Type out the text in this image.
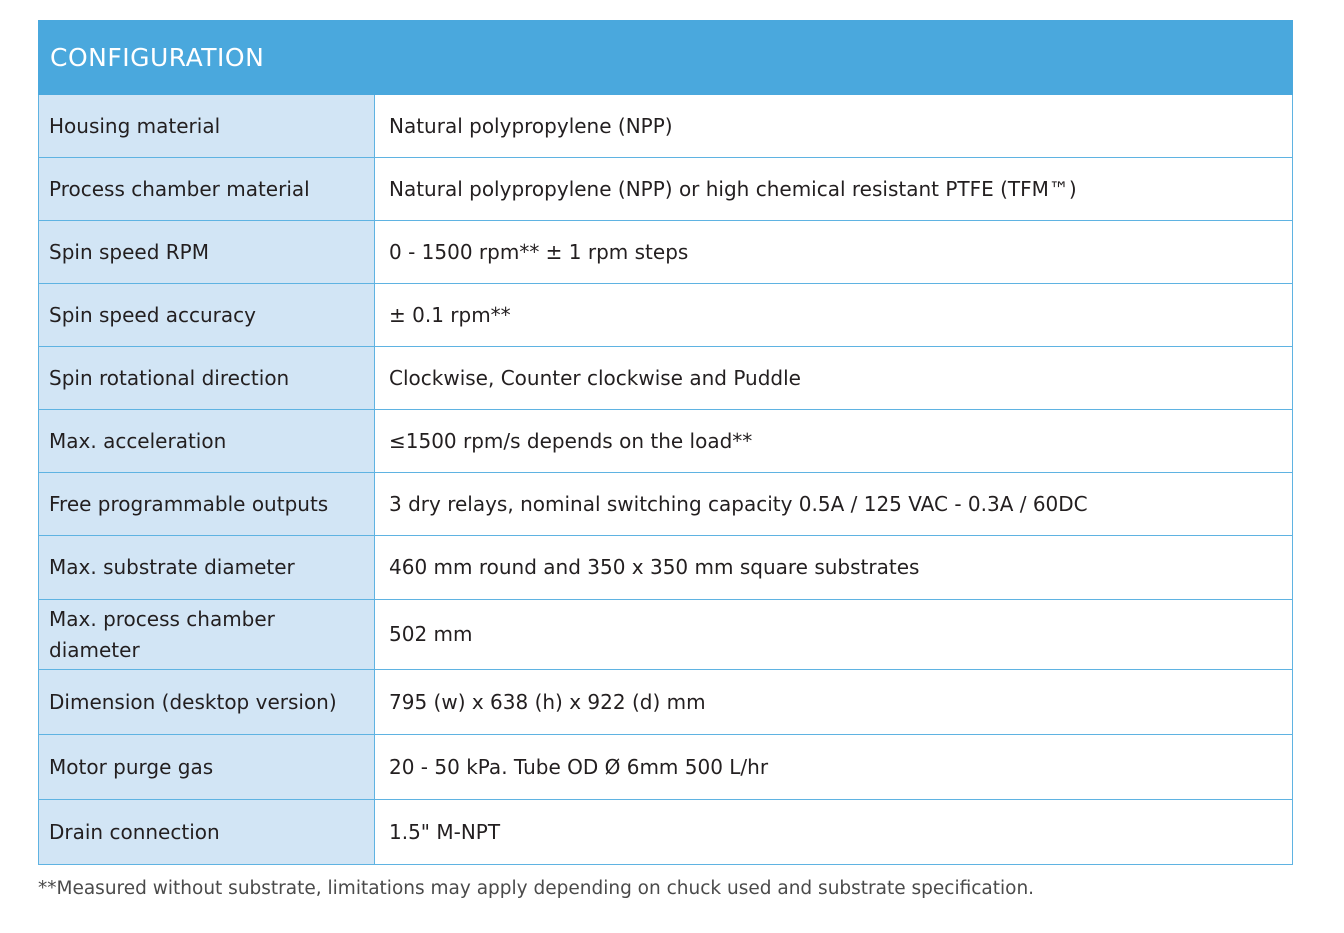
CONFIGURATION	
Housing material	Natural polypropylene (NPP)
Process chamber material	Natural polypropylene (NPP) or high chemical resistant PTFE (TFM™)
Spin speed RPM	0 - 1500 rpm** ± 1 rpm steps
Spin speed accuracy	± 0.1 rpm**
Spin rotational direction	Clockwise, Counter clockwise and Puddle
Max. acceleration	≤1500 rpm/s depends on the load**
Free programmable outputs	3 dry relays, nominal switching capacity 0.5A / 125 VAC - 0.3A / 60DC
Max. substrate diameter	460 mm round and 350 x 350 mm square substrates
Max. process chamber diameter	502 mm
Dimension (desktop version)	795 (w) x 638 (h) x 922 (d) mm
Motor purge gas	20 - 50 kPa. Tube OD Ø 6mm 500 L/hr
Drain connection	1.5" M-NPT

**Measured without substrate, limitations may apply depending on chuck used and substrate specification.
